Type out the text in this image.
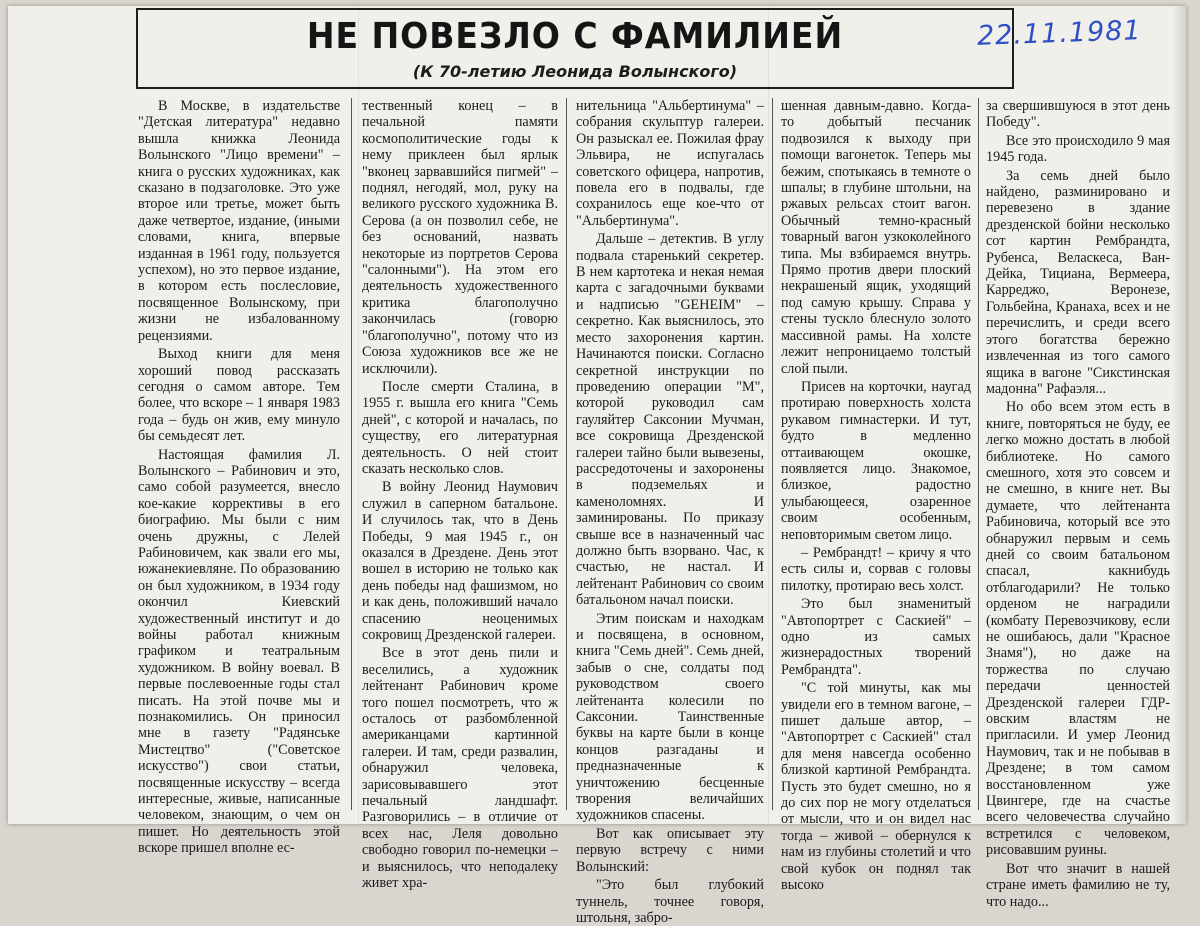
НЕ ПОВЕЗЛО С ФАМИЛИЕЙ
(К 70-летию Леонида Волынского)
22.11.1981

В Москве, в издательстве "Детская литература" недавно вышла книжка Леонида Волынского "Лицо времени" – книга о русских художниках, как сказано в подзаголовке. Это уже второе или третье, может быть даже четвертое, издание, (иными словами, книга, впервые изданная в 1961 году, пользуется успехом), но это первое издание, в котором есть послесловие, посвященное Волынскому, при жизни не избалованному рецензиями.

Выход книги для меня хороший повод рассказать сегодня о самом авторе. Тем более, что вскоре – 1 января 1983 года – будь он жив, ему минуло бы семьдесят лет.

Настоящая фамилия Л. Волынского – Рабинович и это, само собой разумеется, внесло кое-какие коррективы в его биографию. Мы были с ним очень дружны, с Лелей Рабиновичем, как звали его мы, южанекиевляне. По образованию он был художником, в 1934 году окончил Киевский художественный институт и до войны работал книжным графиком и театральным художником. В войну воевал. В первые послевоенные годы стал писать. На этой почве мы и познакомились. Он приносил мне в газету "Радянське Мистецтво" ("Советское искусство") свои статьи, посвященные искусству – всегда интересные, живые, написанные человеком, знающим, о чем он пишет. Но деятельность этой вскоре пришел вполне ес-

тественный конец – в печальной памяти космополитические годы к нему приклеен был ярлык "вконец зарвавшийся пигмей" – поднял, негодяй, мол, руку на великого русского художника В. Серова (а он позволил себе, не без оснований, назвать некоторые из портретов Серова "салонными"). На этом его деятельность художественного критика благополучно закончилась (говорю "благополучно", потому что из Союза художников все же не исключили).

После смерти Сталина, в 1955 г. вышла его книга "Семь дней", с которой и началась, по существу, его литературная деятельность. О ней стоит сказать несколько слов.

В войну Леонид Наумович служил в саперном батальоне. И случилось так, что в День Победы, 9 мая 1945 г., он оказался в Дрездене. День этот вошел в историю не только как день победы над фашизмом, но и как день, положивший начало спасению неоценимых сокровищ Дрезденской галереи.

Все в этот день пили и веселились, а художник лейтенант Рабинович кроме того пошел посмотреть, что ж осталось от разбомбленной американцами картинной галереи. И там, среди развалин, обнаружил человека, зарисовывавшего этот печальный ландшафт. Разговорились – в отличие от всех нас, Леля довольно свободно говорил по-немецки – и выяснилось, что неподалеку живет хра-

нительница "Альбертинума" – собрания скульптур галереи. Он разыскал ее. Пожилая фрау Эльвира, не испугалась советского офицера, напротив, повела его в подвалы, где сохранилось еще кое-что от "Альбертинума".

Дальше – детектив. В углу подвала старенький секретер. В нем картотека и некая немая карта с загадочными буквами и надписью "GEHEIM" – секретно. Как выяснилось, это место захоронения картин. Начинаются поиски. Согласно секретной инструкции по проведению операции "М", которой руководил сам гауляйтер Саксонии Мучман, все сокровища Дрезденской галереи тайно были вывезены, рассредоточены и захоронены в подземельях и каменоломнях. И заминированы. По приказу свыше все в назначенный час должно быть взорвано. Час, к счастью, не настал. И лейтенант Рабинович со своим батальоном начал поиски.

Этим поискам и находкам и посвящена, в основном, книга "Семь дней". Семь дней, забыв о сне, солдаты под руководством своего лейтенанта колесили по Саксонии. Таинственные буквы на карте были в конце концов разгаданы и предназначенные к уничтожению бесценные творения величайших художников спасены.

Вот как описывает эту первую встречу с ними Волынский:

"Это был глубокий туннель, точнее говоря, штольня, забро-

шенная давным-давно. Когда-то добытый песчаник подвозился к выходу при помощи вагонеток. Теперь мы бежим, спотыкаясь в темноте о шпалы; в глубине штольни, на ржавых рельсах стоит вагон. Обычный темно-красный товарный вагон узкоколейного типа. Мы взбираемся внутрь. Прямо против двери плоский некрашеный ящик, уходящий под самую крышу. Справа у стены тускло блеснуло золото массивной рамы. На холсте лежит непроницаемо толстый слой пыли.

Присев на корточки, наугад протираю поверхность холста рукавом гимнастерки. И тут, будто в медленно оттаивающем окошке, появляется лицо. Знакомое, близкое, радостно улыбающееся, озаренное своим особенным, неповторимым светом лицо.

– Рембрандт! – кричу я что есть силы и, сорвав с головы пилотку, протираю весь холст.

Это был знаменитый "Автопортрет с Саскией" – одно из самых жизнерадостных творений Рембрандта".

"С той минуты, как мы увидели его в темном вагоне, – пишет дальше автор, – "Автопортрет с Саскией" стал для меня навсегда особенно близкой картиной Рембрандта. Пусть это будет смешно, но я до сих пор не могу отделаться от мысли, что и он видел нас тогда – живой – обернулся к нам из глубины столетий и что свой кубок он поднял так высоко

за свершившуюся в этот день Победу".

Все это происходило 9 мая 1945 года.

За семь дней было найдено, разминировано и перевезено в здание дрезденской бойни несколько сот картин Рембрандта, Рубенса, Веласкеса, Ван-Дейка, Тициана, Вермеера, Карреджо, Веронезе, Гольбейна, Кранаха, всех и не перечислить, и среди всего этого богатства бережно извлеченная из того самого ящика в вагоне "Сикстинская мадонна" Рафаэля...

Но обо всем этом есть в книге, повторяться не буду, ее легко можно достать в любой библиотеке. Но самого смешного, хотя это совсем и не смешно, в книге нет. Вы думаете, что лейтенанта Рабиновича, который все это обнаружил первым и семь дней со своим батальоном спасал, какнибудь отблагодарили? Не только орденом не наградили (комбату Перевозчикову, если не ошибаюсь, дали "Красное Знамя"), но даже на торжества по случаю передачи ценностей Дрезденской галереи ГДР-овским властям не пригласили. И умер Леонид Наумович, так и не побывав в Дрездене; в том самом восстановленном уже Цвингере, где на счастье всего человечества случайно встретился с человеком, рисовавшим руины.

Вот что значит в нашей стране иметь фамилию не ту, что надо...
